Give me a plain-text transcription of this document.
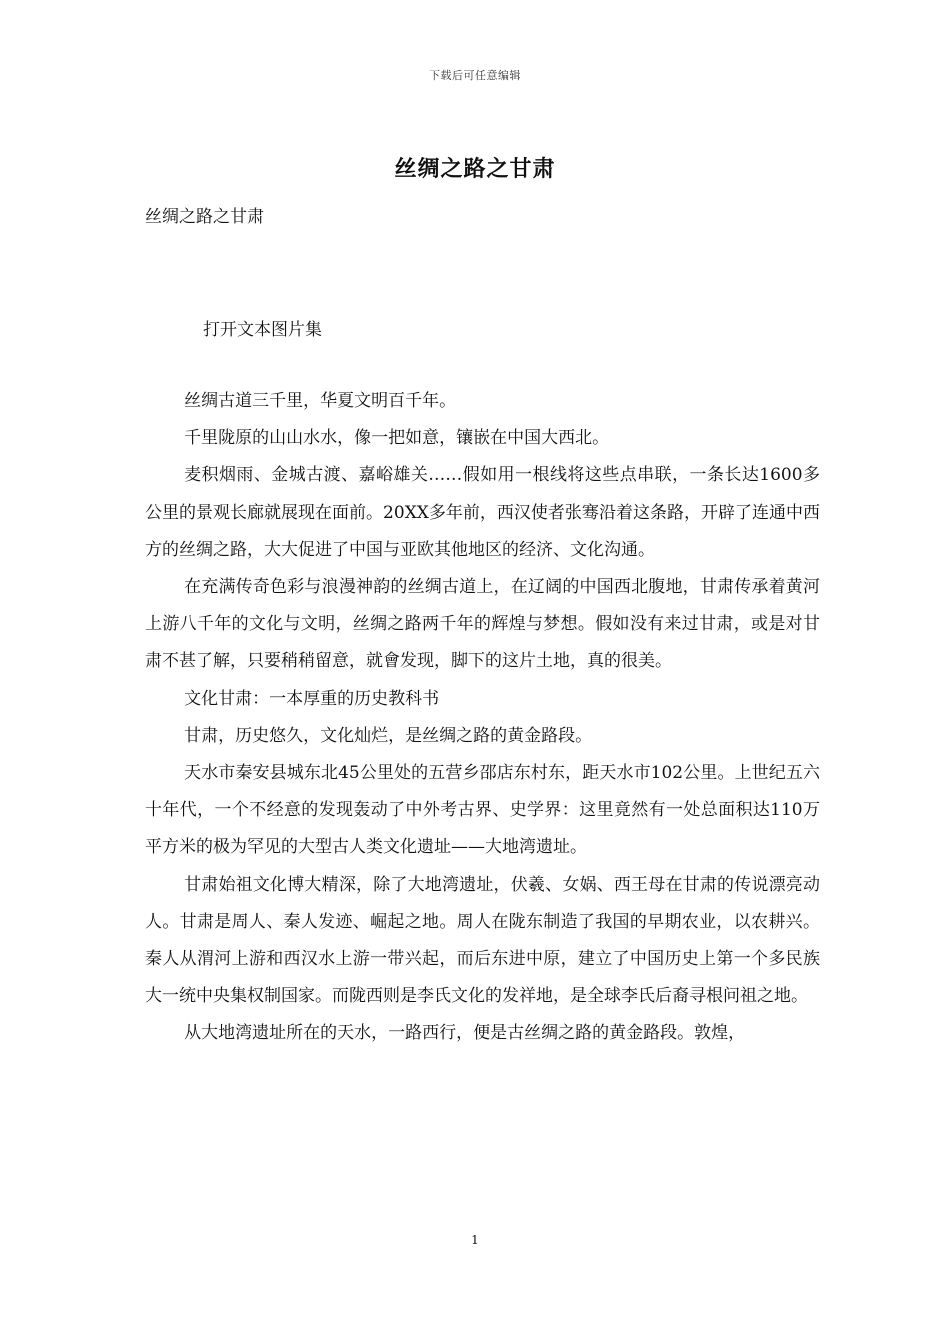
下载后可任意编辑
丝绸之路之甘肃
丝绸之路之甘肃
打开文本图片集

丝绸古道三千里，华夏文明百千年。

千里陇原的山山水水，像一把如意，镶嵌在中国大西北。

麦积烟雨、金城古渡、嘉峪雄关……假如用一根线将这些点串联，一条长达1600多公里的景观长廊就展现在面前。20XX多年前，西汉使者张骞沿着这条路，开辟了连通中西方的丝绸之路，大大促进了中国与亚欧其他地区的经济、文化沟通。

在充满传奇色彩与浪漫神韵的丝绸古道上，在辽阔的中国西北腹地，甘肃传承着黄河上游八千年的文化与文明，丝绸之路两千年的辉煌与梦想。假如没有来过甘肃，或是对甘肃不甚了解，只要稍稍留意，就會发现，脚下的这片土地，真的很美。

文化甘肃：一本厚重的历史教科书

甘肃，历史悠久，文化灿烂，是丝绸之路的黄金路段。

天水市秦安县城东北45公里处的五营乡邵店东村东，距天水市102公里。上世纪五六十年代，一个不经意的发现轰动了中外考古界、史学界：这里竟然有一处总面积达110万平方米的极为罕见的大型古人类文化遗址——大地湾遗址。

甘肃始祖文化博大精深，除了大地湾遗址，伏羲、女娲、西王母在甘肃的传说漂亮动人。甘肃是周人、秦人发迹、崛起之地。周人在陇东制造了我国的早期农业，以农耕兴。秦人从渭河上游和西汉水上游一带兴起，而后东进中原，建立了中国历史上第一个多民族大一统中央集权制国家。而陇西则是李氏文化的发祥地，是全球李氏后裔寻根问祖之地。

从大地湾遗址所在的天水，一路西行，便是古丝绸之路的黄金路段。敦煌，

1
